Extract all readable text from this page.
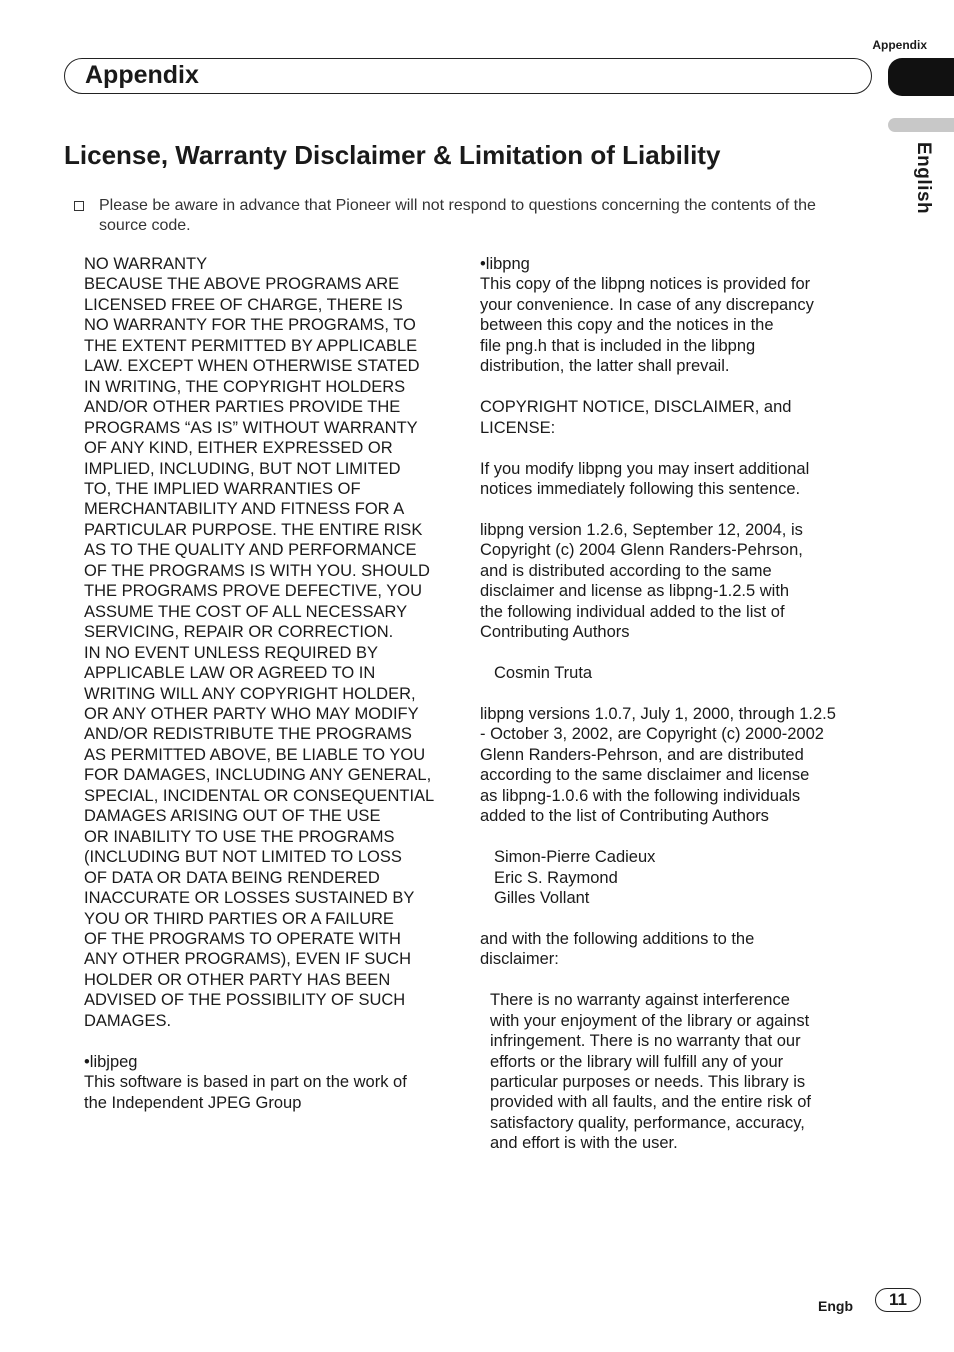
Appendix
Appendix
English
License, Warranty Disclaimer & Limitation of Liability
Please be aware in advance that Pioneer will not respond to questions concerning the contents of the source code.

NO WARRANTY

BECAUSE THE ABOVE PROGRAMS ARE
LICENSED FREE OF CHARGE, THERE IS
NO WARRANTY FOR THE PROGRAMS, TO
THE EXTENT PERMITTED BY APPLICABLE
LAW. EXCEPT WHEN OTHERWISE STATED
IN WRITING, THE COPYRIGHT HOLDERS
AND/OR OTHER PARTIES PROVIDE THE
PROGRAMS “AS IS” WITHOUT WARRANTY
OF ANY KIND, EITHER EXPRESSED OR
IMPLIED, INCLUDING, BUT NOT LIMITED
TO, THE IMPLIED WARRANTIES OF
MERCHANTABILITY AND FITNESS FOR A
PARTICULAR PURPOSE. THE ENTIRE RISK
AS TO THE QUALITY AND PERFORMANCE
OF THE PROGRAMS IS WITH YOU. SHOULD
THE PROGRAMS PROVE DEFECTIVE, YOU
ASSUME THE COST OF ALL NECESSARY
SERVICING, REPAIR OR CORRECTION.

IN NO EVENT UNLESS REQUIRED BY
APPLICABLE LAW OR AGREED TO IN
WRITING WILL ANY COPYRIGHT HOLDER,
OR ANY OTHER PARTY WHO MAY MODIFY
AND/OR REDISTRIBUTE THE PROGRAMS
AS PERMITTED ABOVE, BE LIABLE TO YOU
FOR DAMAGES, INCLUDING ANY GENERAL,
SPECIAL, INCIDENTAL OR CONSEQUENTIAL
DAMAGES ARISING OUT OF THE USE
OR INABILITY TO USE THE PROGRAMS
(INCLUDING BUT NOT LIMITED TO LOSS
OF DATA OR DATA BEING RENDERED
INACCURATE OR LOSSES SUSTAINED BY
YOU OR THIRD PARTIES OR A FAILURE
OF THE PROGRAMS TO OPERATE WITH
ANY OTHER PROGRAMS), EVEN IF SUCH
HOLDER OR OTHER PARTY HAS BEEN
ADVISED OF THE POSSIBILITY OF SUCH
DAMAGES.

•libjpeg

This software is based in part on the work of
the Independent JPEG Group

•libpng

This copy of the libpng notices is provided for
your convenience. In case of any discrepancy
between this copy and the notices in the
file png.h that is included in the libpng
distribution, the latter shall prevail.

COPYRIGHT NOTICE, DISCLAIMER, and
LICENSE:

If you modify libpng you may insert additional
notices immediately following this sentence.

libpng version 1.2.6, September 12, 2004, is
Copyright (c) 2004 Glenn Randers-Pehrson,
and is distributed according to the same
disclaimer and license as libpng-1.2.5 with
the following individual added to the list of
Contributing Authors

Cosmin Truta

libpng versions 1.0.7, July 1, 2000, through 1.2.5
- October 3, 2002, are Copyright (c) 2000-2002
Glenn Randers-Pehrson, and are distributed
according to the same disclaimer and license
as libpng-1.0.6 with the following individuals
added to the list of Contributing Authors

Simon-Pierre Cadieux
Eric S. Raymond
Gilles Vollant

and with the following additions to the
disclaimer:

There is no warranty against interference
with your enjoyment of the library or against
infringement. There is no warranty that our
efforts or the library will fulfill any of your
particular purposes or needs. This library is
provided with all faults, and the entire risk of
satisfactory quality, performance, accuracy,
and effort is with the user.

Engb	11
